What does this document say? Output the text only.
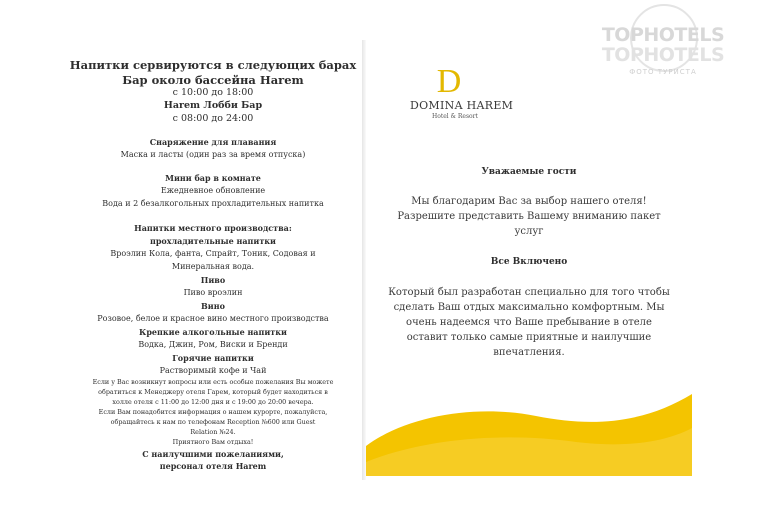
Напитки сервируются в следующих барах
Бар около бассейна Harem
с 10:00 до 18:00
Harem Лобби Бар
с 08:00 до 24:00
Снаряжение для плавания
Маска и ласты (один раз за время отпуска)
Мини бар в комнате
Ежедневное обновление
Вода и 2 безалкогольных прохладительных напитка
Напитки местного производства:
прохладительные напитки
Вроэлин Кола, фанта, Спрайт, Тоник, Содовая и
Минеральная вода.
Пиво
Пиво вроэлин
Вино
Розовое, белое и красное вино местного производства
Крепкие алкогольные напитки
Водка, Джин, Ром, Виски и Бренди
Горячие напитки
Растворимый кофе и Чай
Если у Вас возникнут вопросы или есть особые пожелания Вы можете
обратиться к Менеджеру отеля Гарем, который будет находиться в
холле отеля с 11:00 до 12:00 дня и с 19:00 до 20:00 вечера.
Если Вам понадобится информация о нашем курорте, пожалуйста,
обращайтесь к нам по телефонам Reception №600 или Guest
Relation №24.
Приятного Вам отдыха!
С наилучшими пожеланиями,
персонал отеля Harem
D
DOMINA HAREM
Hotel & Resort
Уважаемые гости
Мы благодарим Вас за выбор нашего отеля!
Разрешите представить Вашему вниманию пакет
услуг
Все Включено
Который был разработан специально для того чтобы
сделать Ваш отдых максимально комфортным. Мы
очень надеемся что Ваше пребывание в отеле
оставит только самые приятные и наилучшие
впечатления.
TOPHOTELS
TOPHOTELS
ФОТО ТУРИСТА
